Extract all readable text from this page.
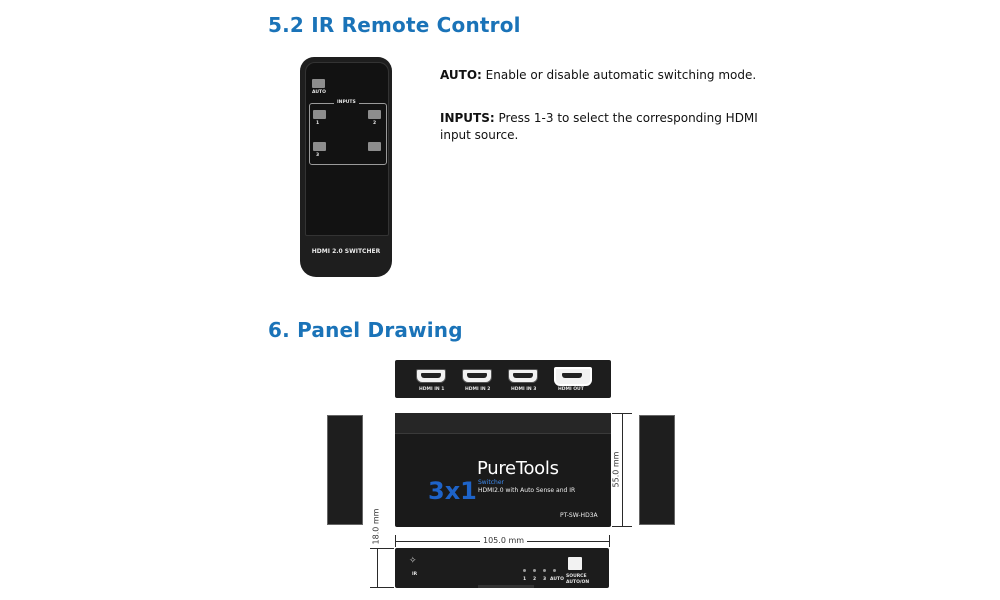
5.2 IR Remote Control
AUTO
INPUTS
1	2
3
HDMI 2.0 SWITCHER
AUTO: Enable or disable automatic switching mode.
INPUTS: Press 1-3 to select the corresponding HDMI
input source.
6. Panel Drawing
HDMI IN 1	HDMI IN 2	HDMI IN 3	HDMI OUT
3x1
PureTools
Switcher
HDMI2.0 with Auto Sense and IR
PT-SW-HD3A
55.0 mm
105.0 mm
18.0 mm
✧
IR
1 2 3 AUTO
SOURCE
AUTO/ON
